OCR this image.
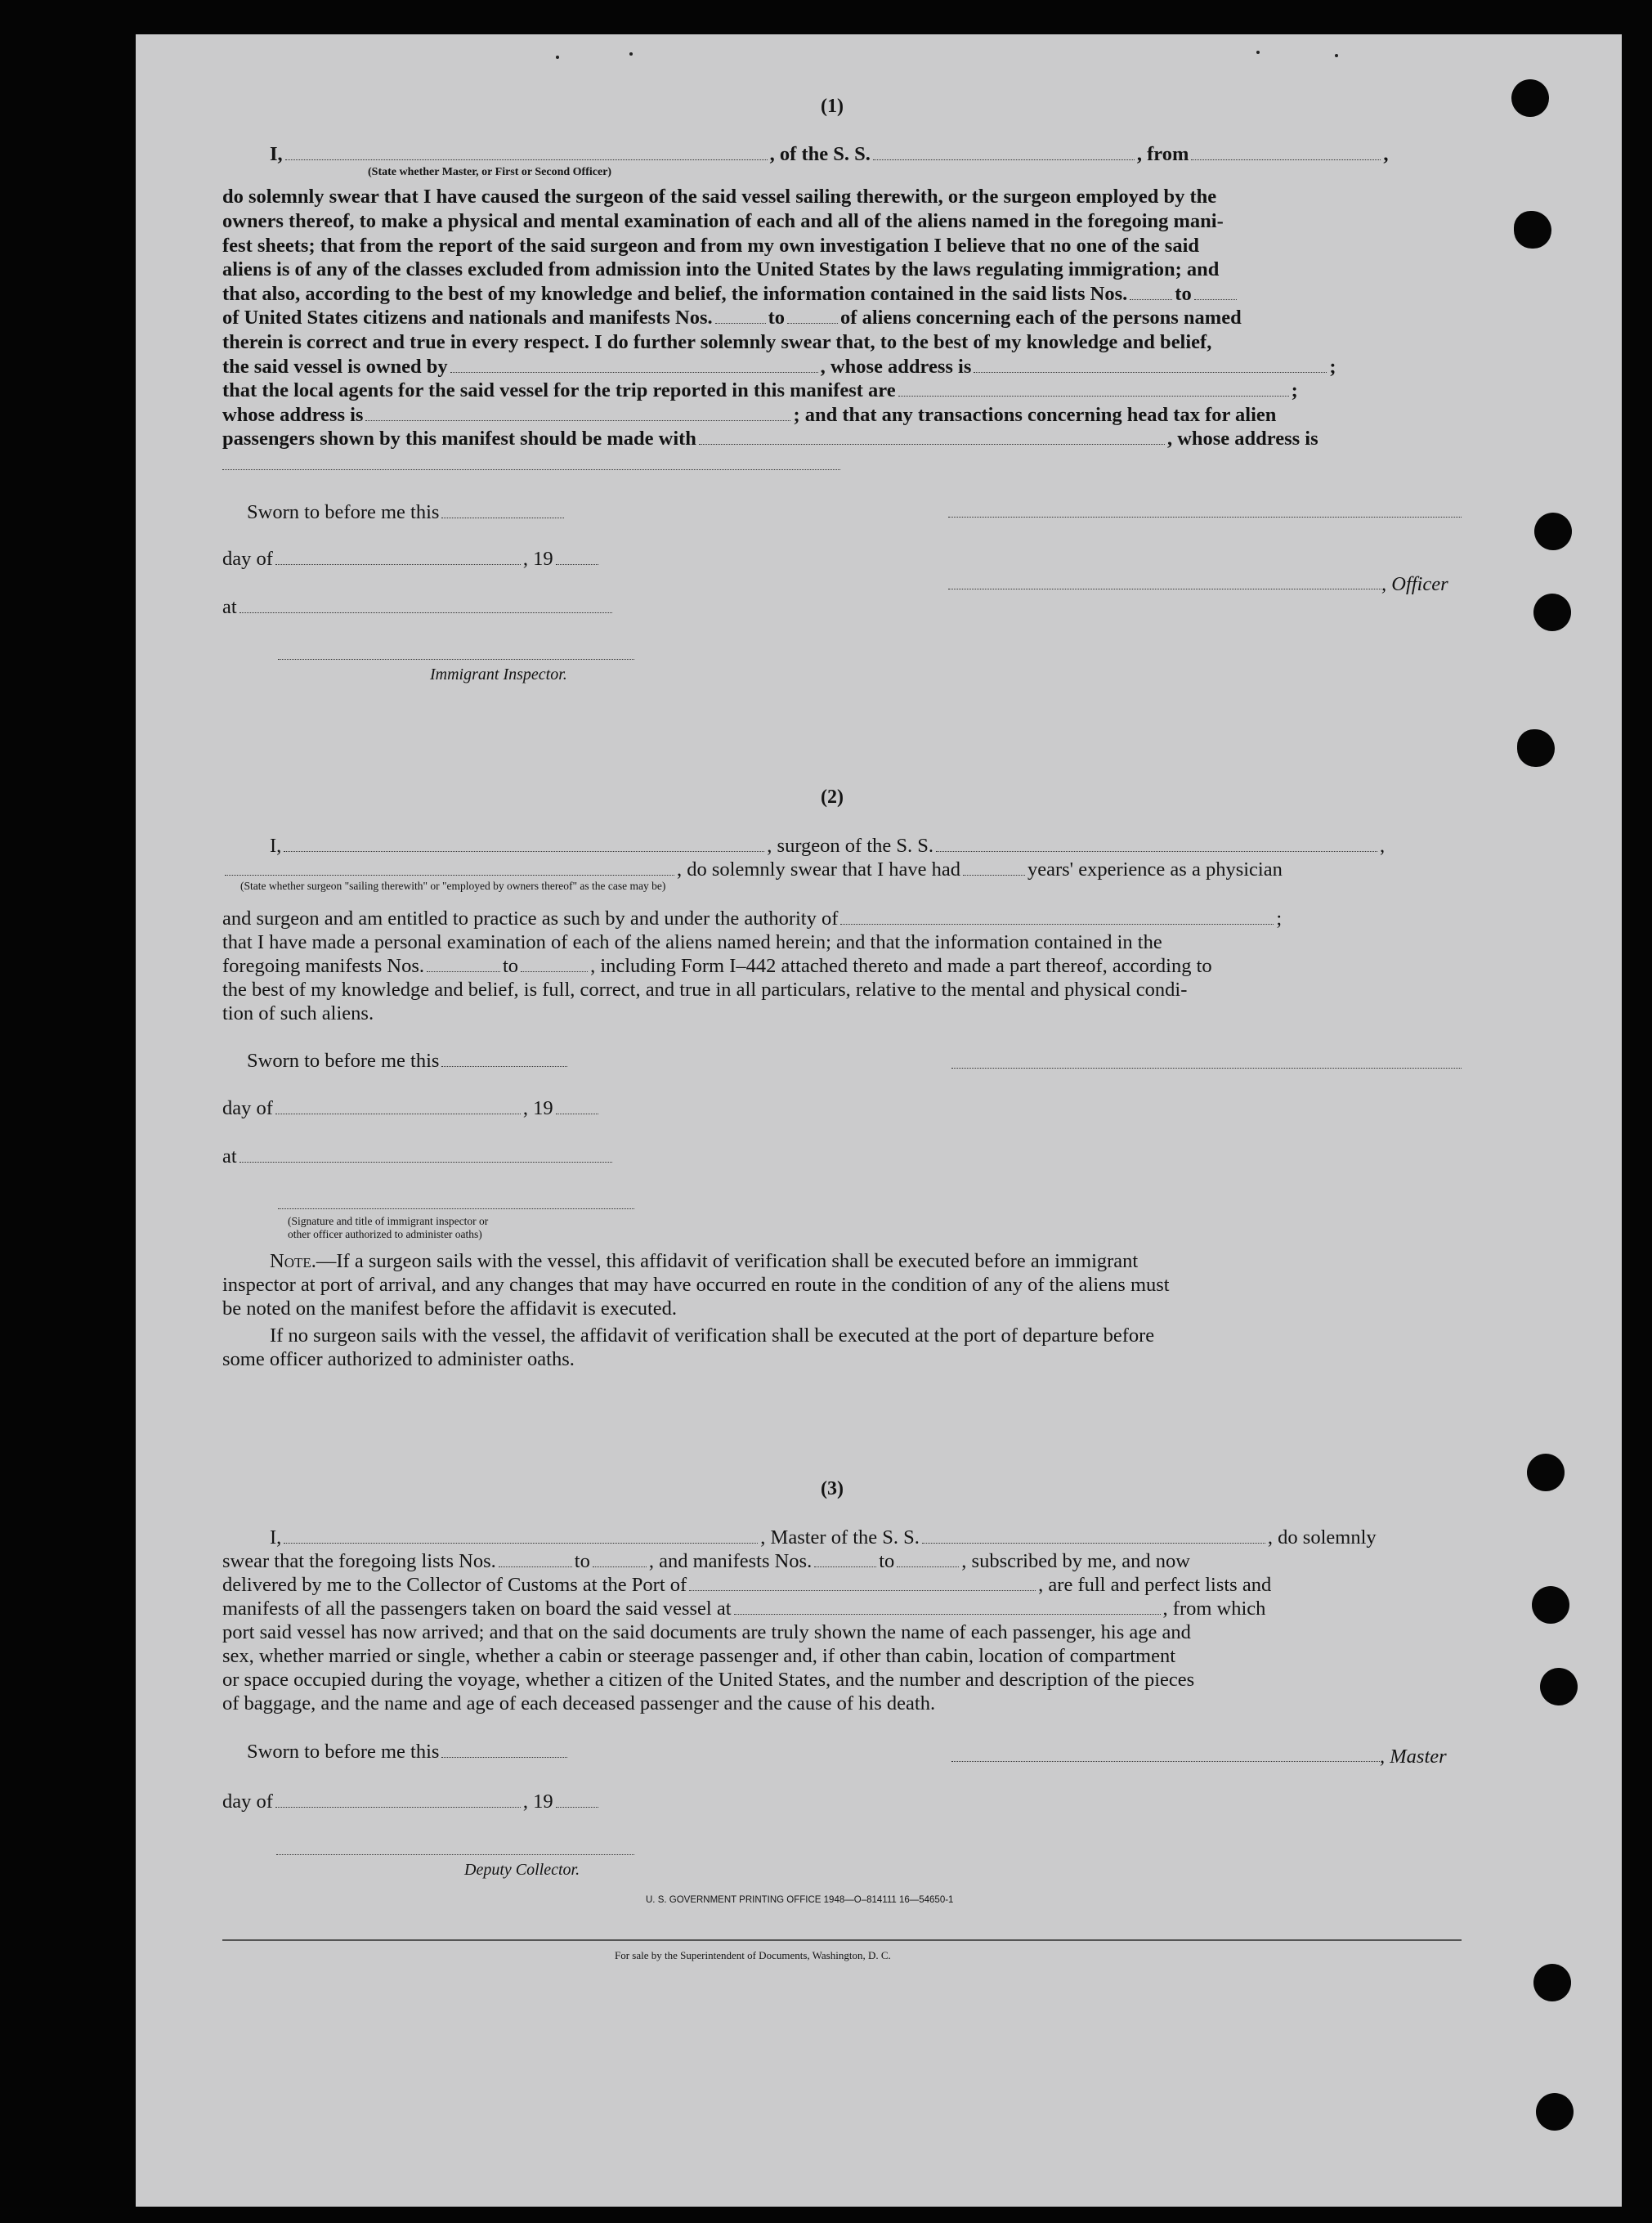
(1)
I,	, of the S. S.	, from	,
(State whether Master, or First or Second Officer)
do solemnly swear that I have caused the surgeon of the said vessel sailing therewith, or the surgeon employed by the
owners thereof, to make a physical and mental examination of each and all of the aliens named in the foregoing mani-
fest sheets; that from the report of the said surgeon and from my own investigation I believe that no one of the said
aliens is of any of the classes excluded from admission into the United States by the laws regulating immigration; and
that also, according to the best of my knowledge and belief, the information contained in the said lists Nos. to
of United States citizens and nationals and manifests Nos.	to	of aliens concerning each of the persons named
therein is correct and true in every respect. I do further solemnly swear that, to the best of my knowledge and belief,
the said vessel is owned by	, whose address is	;
that the local agents for the said vessel for the trip reported in this manifest are	;
whose address is	; and that any transactions concerning head tax for alien
passengers shown by this manifest should be made with	, whose address is
Sworn to before me this
day of	, 19
at
Immigrant Inspector.
, Officer
(2)
I,	, surgeon of the S. S.	,
, do solemnly swear that I have had	years' experience as a physician
(State whether surgeon "sailing therewith" or "employed by owners thereof" as the case may be)
and surgeon and am entitled to practice as such by and under the authority of	;
that I have made a personal examination of each of the aliens named herein; and that the information contained in the
foregoing manifests Nos.	to	, including Form I–442 attached thereto and made a part thereof, according to
the best of my knowledge and belief, is full, correct, and true in all particulars, relative to the mental and physical condi-
tion of such aliens.
Sworn to before me this
day of	, 19
at
(Signature and title of immigrant inspector or
other officer authorized to administer oaths)
Note.—If a surgeon sails with the vessel, this affidavit of verification shall be executed before an immigrant
inspector at port of arrival, and any changes that may have occurred en route in the condition of any of the aliens must
be noted on the manifest before the affidavit is executed.
If no surgeon sails with the vessel, the affidavit of verification shall be executed at the port of departure before
some officer authorized to administer oaths.
(3)
I,	, Master of the S. S.	, do solemnly
swear that the foregoing lists Nos.	to	, and manifests Nos.	to	, subscribed by me, and now
delivered by me to the Collector of Customs at the Port of	, are full and perfect lists and
manifests of all the passengers taken on board the said vessel at	, from which
port said vessel has now arrived; and that on the said documents are truly shown the name of each passenger, his age and
sex, whether married or single, whether a cabin or steerage passenger and, if other than cabin, location of compartment
or space occupied during the voyage, whether a citizen of the United States, and the number and description of the pieces
of baggage, and the name and age of each deceased passenger and the cause of his death.
Sworn to before me this	, Master
day of	, 19
Deputy Collector.
U. S. GOVERNMENT PRINTING OFFICE 1948—O–814111 16—54650-1
For sale by the Superintendent of Documents, Washington, D. C.
